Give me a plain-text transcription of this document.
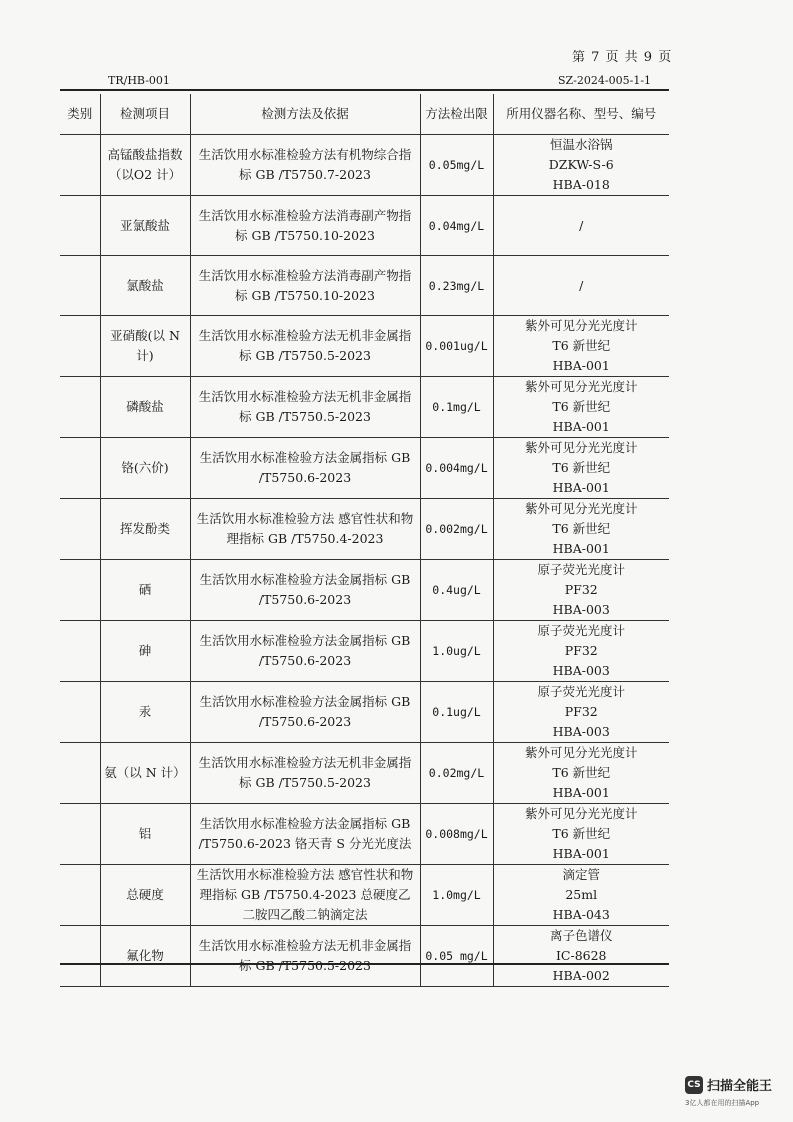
第 7 页 共 9 页
TR/HB-001	SZ-2024-005-1-1
类别	检测项目	检测方法及依据	方法检出限	所用仪器名称、型号、编号
	高锰酸盐指数（以O2 计）	生活饮用水标准检验方法有机物综合指标 GB /T5750.7-2023	0.05mg/L	恒温水浴锅
DZKW-S-6
HBA-018

	亚氯酸盐	生活饮用水标准检验方法消毒副产物指标 GB /T5750.10-2023	0.04mg/L	/

	氯酸盐	生活饮用水标准检验方法消毒副产物指标 GB /T5750.10-2023	0.23mg/L	/

	亚硝酸(以 N 计)	生活饮用水标准检验方法无机非金属指标 GB /T5750.5-2023	0.001ug/L	紫外可见分光光度计
T6 新世纪
HBA-001

	磷酸盐	生活饮用水标准检验方法无机非金属指标 GB /T5750.5-2023	0.1mg/L	紫外可见分光光度计
T6 新世纪
HBA-001

	铬(六价)	生活饮用水标准检验方法金属指标 GB /T5750.6-2023	0.004mg/L	紫外可见分光光度计
T6 新世纪
HBA-001

	挥发酚类	生活饮用水标准检验方法 感官性状和物理指标 GB /T5750.4-2023	0.002mg/L	紫外可见分光光度计
T6 新世纪
HBA-001

	硒	生活饮用水标准检验方法金属指标 GB /T5750.6-2023	0.4ug/L	原子荧光光度计
PF32
HBA-003

	砷	生活饮用水标准检验方法金属指标 GB /T5750.6-2023	1.0ug/L	原子荧光光度计
PF32
HBA-003

	汞	生活饮用水标准检验方法金属指标 GB /T5750.6-2023	0.1ug/L	原子荧光光度计
PF32
HBA-003

	氨（以 N 计）	生活饮用水标准检验方法无机非金属指标 GB /T5750.5-2023	0.02mg/L	紫外可见分光光度计
T6 新世纪
HBA-001

	铝	生活饮用水标准检验方法金属指标 GB /T5750.6-2023 铬天青 S 分光光度法	0.008mg/L	紫外可见分光光度计
T6 新世纪
HBA-001

	总硬度	生活饮用水标准检验方法 感官性状和物理指标 GB /T5750.4-2023 总硬度乙二胺四乙酸二钠滴定法	1.0mg/L	滴定管
25ml
HBA-043

	氟化物	生活饮用水标准检验方法无机非金属指标 GB /T5750.5-2023	0.05 mg/L	离子色谱仪
IC-8628
HBA-002
CS 扫描全能王
3亿人都在用的扫描App
